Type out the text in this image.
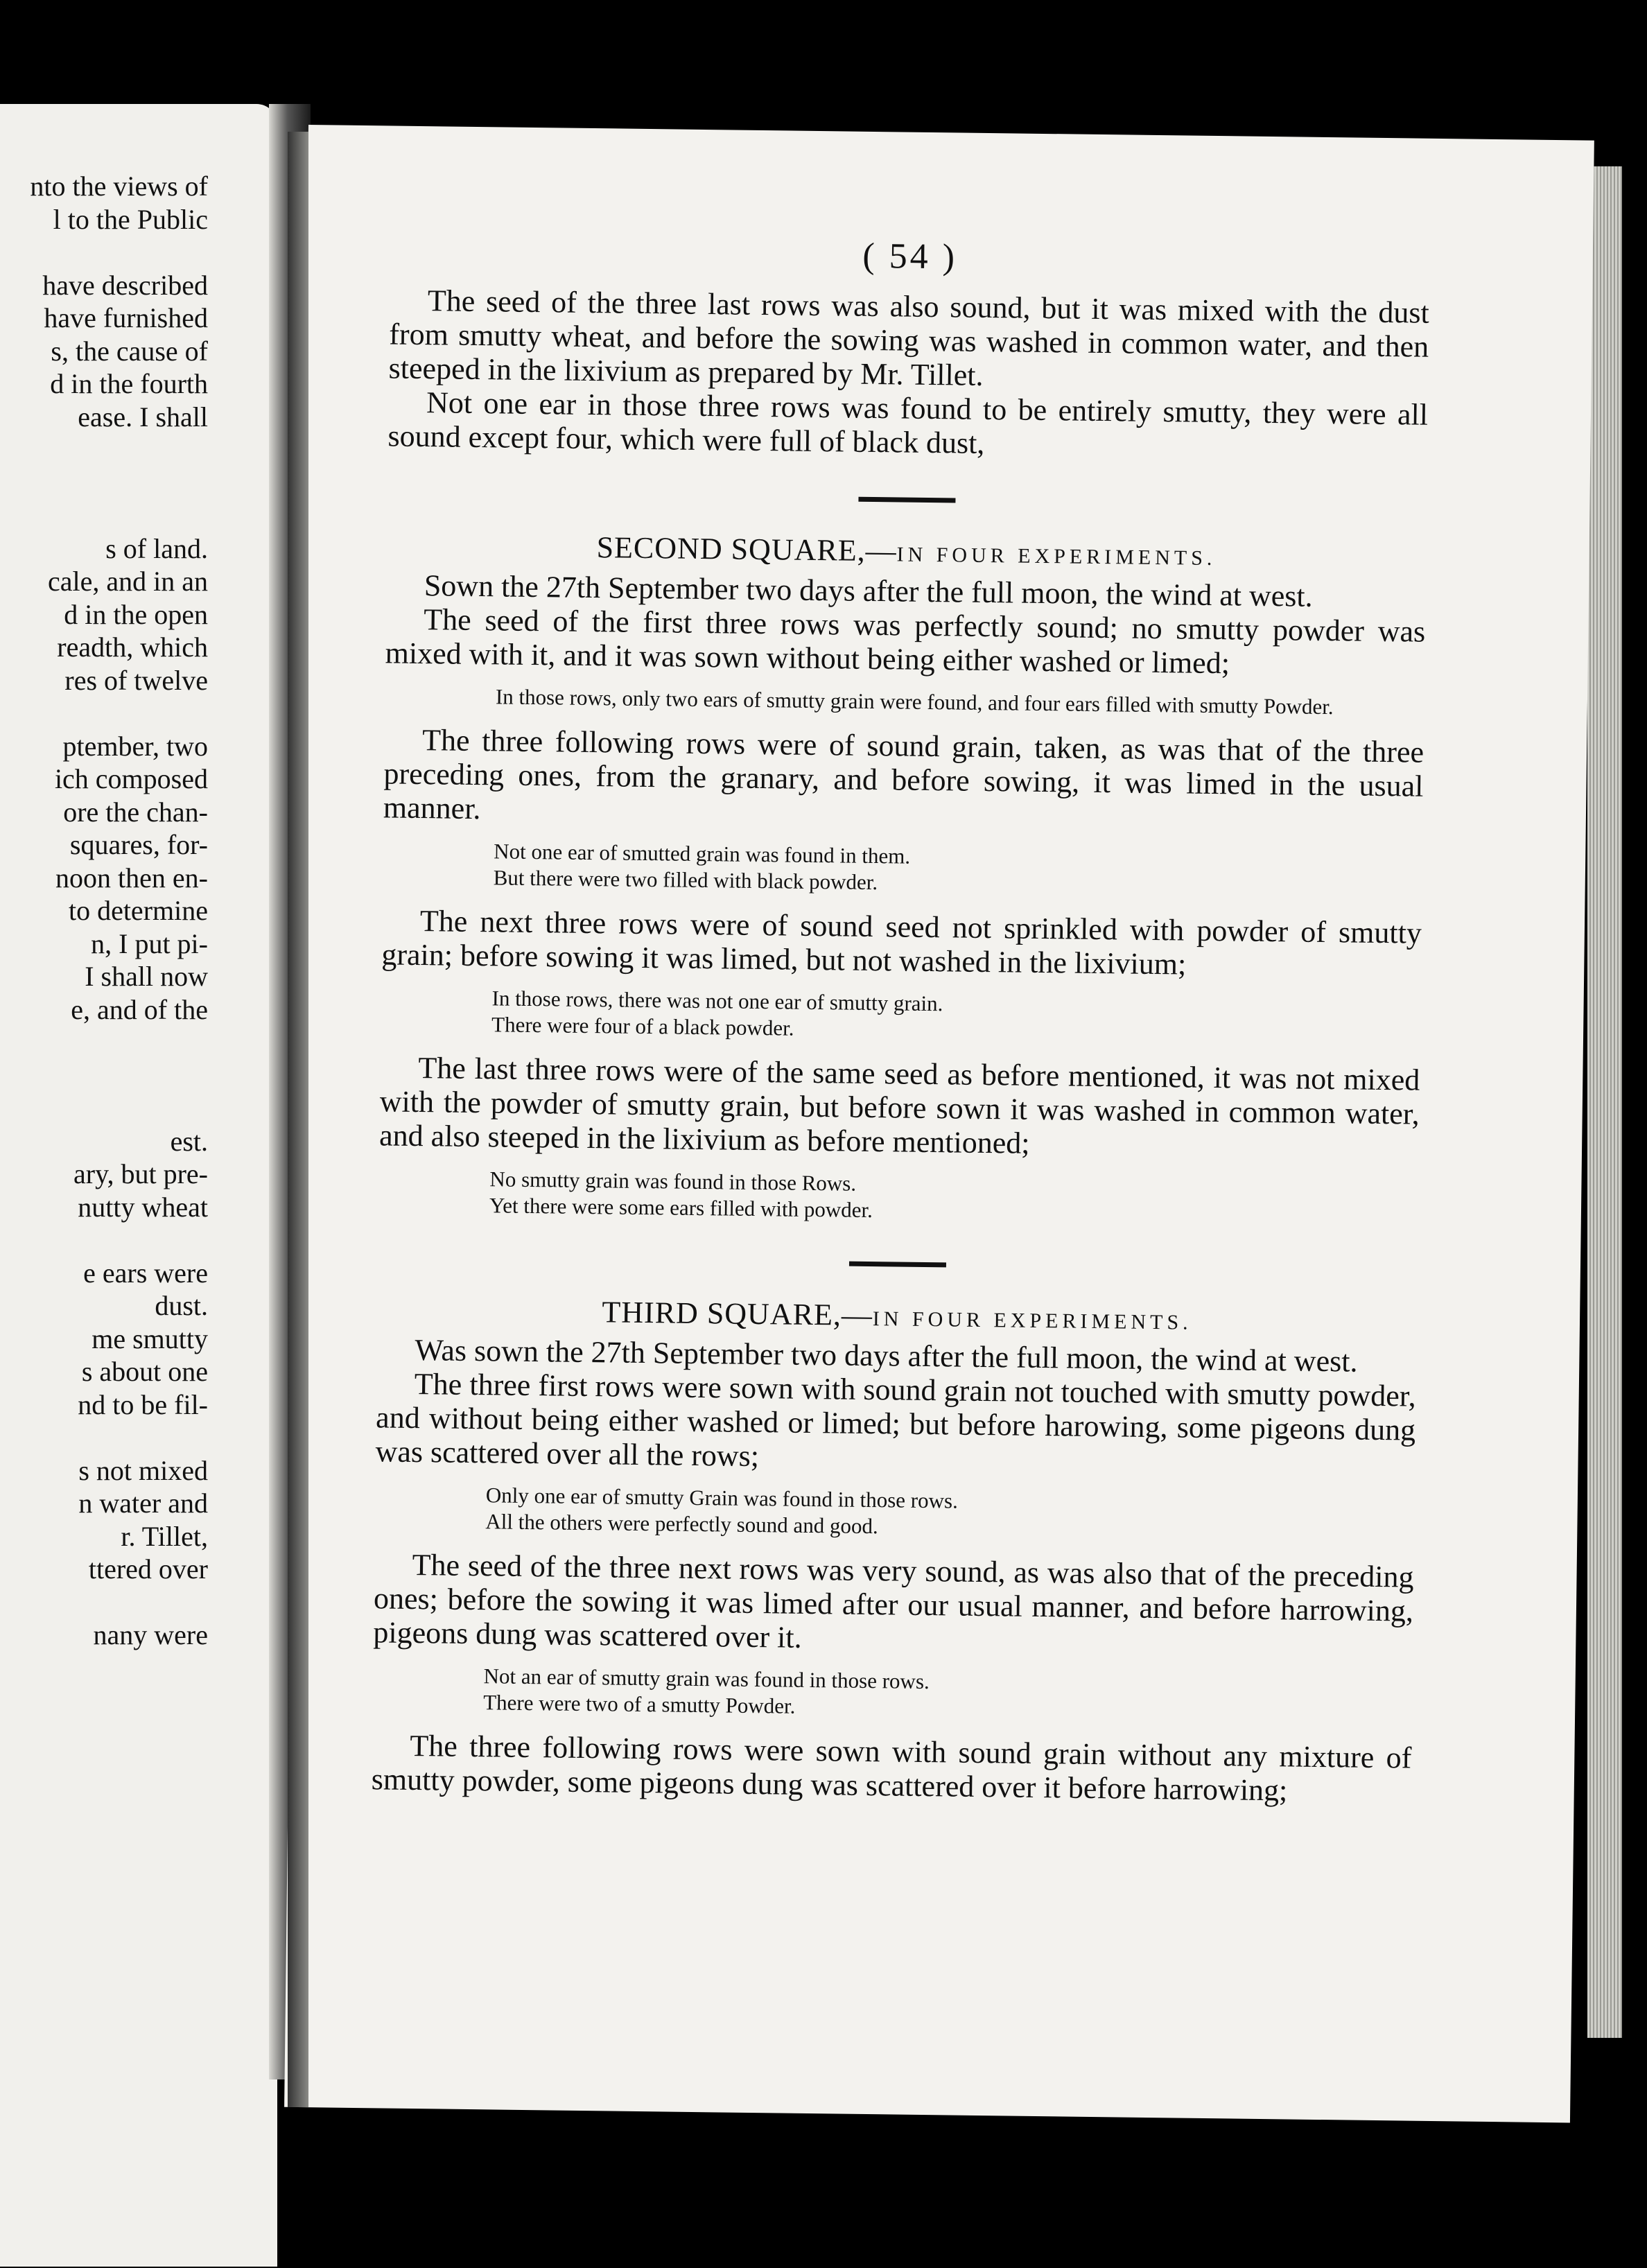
nto the views of
l to the Public

have described
have furnished
s, the cause of
d in the fourth
ease. I shall

s of land.
cale, and in an
d in the open
readth, which
res of twelve

ptember, two
ich composed
ore the chan-
squares, for-
noon then en-
to determine
n, I put pi-
I shall now
e, and of the

est.
ary, but pre-
nutty wheat

e ears were
dust.
me smutty
s about one
nd to be fil-

s not mixed
n water and
r. Tillet,
ttered over

nany were
( 54 )

The seed of the three last rows was also sound, but it was mixed with the dust from smutty wheat, and before the sowing was washed in common water, and then steeped in the lixivium as prepared by Mr. Tillet.

Not one ear in those three rows was found to be entirely smutty, they were all sound except four, which were full of black dust,

SECOND SQUARE,—IN FOUR EXPERIMENTS.

Sown the 27th September two days after the full moon, the wind at west.

The seed of the first three rows was perfectly sound; no smutty powder was mixed with it, and it was sown without being either washed or limed;

In those rows, only two ears of smutty grain were found, and four ears filled with smutty Powder.

The three following rows were of sound grain, taken, as was that of the three preceding ones, from the granary, and before sowing, it was limed in the usual manner.

Not one ear of smutted grain was found in them.
But there were two filled with black powder.

The next three rows were of sound seed not sprinkled with powder of smutty grain; before sowing it was limed, but not washed in the lixivium;

In those rows, there was not one ear of smutty grain.
There were four of a black powder.

The last three rows were of the same seed as before mentioned, it was not mixed with the powder of smutty grain, but before sown it was washed in common water, and also steeped in the lixivium as before mentioned;

No smutty grain was found in those Rows.
Yet there were some ears filled with powder.
THIRD SQUARE,—IN FOUR EXPERIMENTS.

Was sown the 27th September two days after the full moon, the wind at west.

The three first rows were sown with sound grain not touched with smutty powder, and without being either washed or limed; but before harowing, some pigeons dung was scattered over all the rows;

Only one ear of smutty Grain was found in those rows.
All the others were perfectly sound and good.

The seed of the three next rows was very sound, as was also that of the preceding ones; before the sowing it was limed after our usual manner, and before harrowing, pigeons dung was scattered over it.

Not an ear of smutty grain was found in those rows.
There were two of a smutty Powder.

The three following rows were sown with sound grain without any mixture of smutty powder, some pigeons dung was scattered over it before harrowing;
